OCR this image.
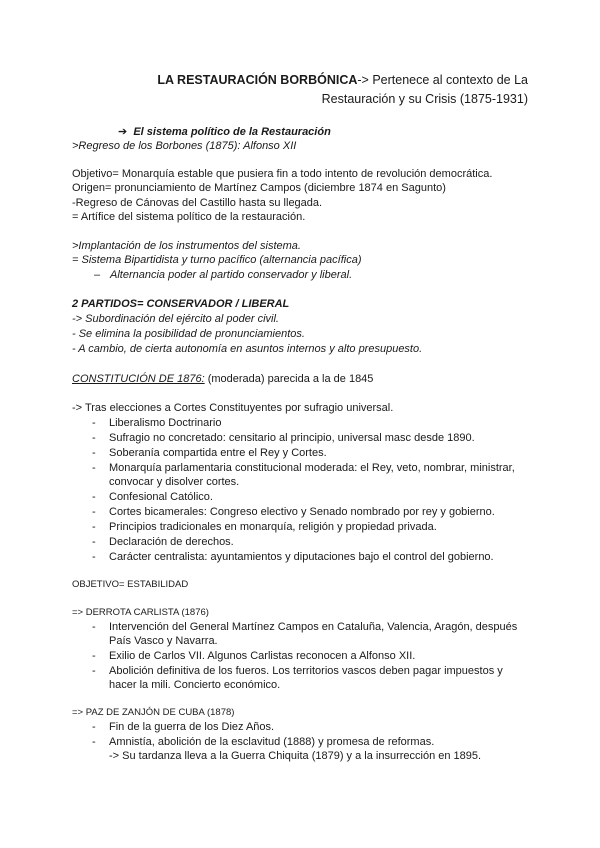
LA RESTAURACIÓN BORBÓNICA-> Pertenece al contexto de La
Restauración y su Crisis (1875-1931)
➔ El sistema político de la Restauración
>Regreso de los Borbones (1875): Alfonso XII
Objetivo= Monarquía estable que pusiera fin a todo intento de revolución democrática.
Origen= pronunciamiento de Martínez Campos (diciembre 1874 en Sagunto)
-Regreso de Cánovas del Castillo hasta su llegada.
= Artífice del sistema político de la restauración.
>Implantación de los instrumentos del sistema.
= Sistema Bipartidista y turno pacífico (alternancia pacífica)
– Alternancia poder al partido conservador y liberal.
2 PARTIDOS= CONSERVADOR / LIBERAL
-> Subordinación del ejército al poder civil.
- Se elimina la posibilidad de pronunciamientos.
- A cambio, de cierta autonomía en asuntos internos y alto presupuesto.
CONSTITUCIÓN DE 1876: (moderada) parecida a la de 1845
-> Tras elecciones a Cortes Constituyentes por sufragio universal.
- Liberalismo Doctrinario
- Sufragio no concretado: censitario al principio, universal masc desde 1890.
- Soberanía compartida entre el Rey y Cortes.
- Monarquía parlamentaria constitucional moderada: el Rey, veto, nombrar, ministrar,
convocar y disolver cortes.
- Confesional Católico.
- Cortes bicamerales: Congreso electivo y Senado nombrado por rey y gobierno.
- Principios tradicionales en monarquía, religión y propiedad privada.
- Declaración de derechos.
- Carácter centralista: ayuntamientos y diputaciones bajo el control del gobierno.
OBJETIVO= ESTABILIDAD
=> DERROTA CARLISTA (1876)
- Intervención del General Martínez Campos en Cataluña, Valencia, Aragón, después
País Vasco y Navarra.
- Exilio de Carlos VII. Algunos Carlistas reconocen a Alfonso XII.
- Abolición definitiva de los fueros. Los territorios vascos deben pagar impuestos y
hacer la mili. Concierto económico.
=> PAZ DE ZANJÓN DE CUBA (1878)
- Fin de la guerra de los Diez Años.
- Amnistía, abolición de la esclavitud (1888) y promesa de reformas.
-> Su tardanza lleva a la Guerra Chiquita (1879) y a la insurrección en 1895.
